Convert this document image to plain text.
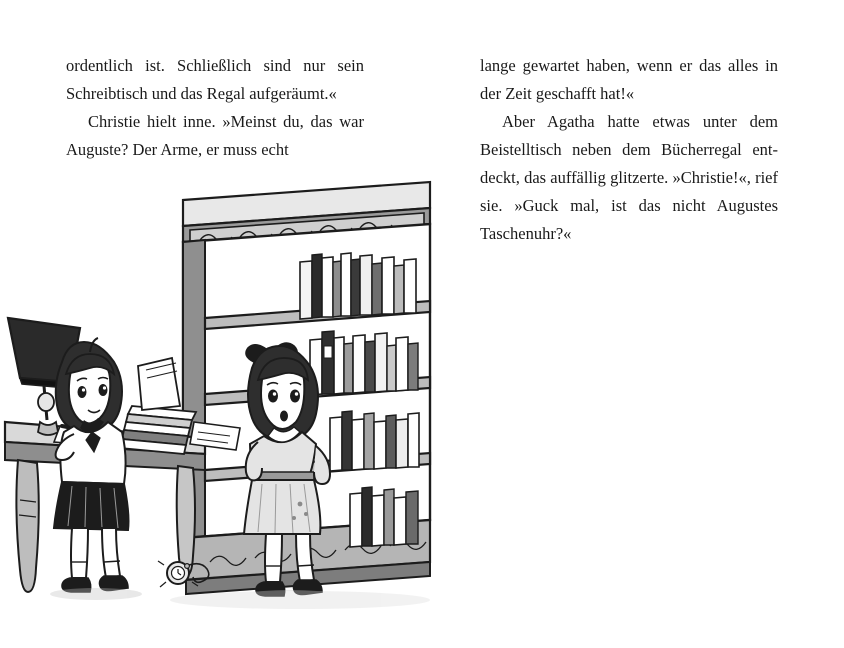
ordentlich ist. Schließlich sind nur sein Schreibtisch und das Regal aufgeräumt.«

Christie hielt inne. »Meinst du, das war Auguste? Der Arme, er muss echt

lange gewartet haben, wenn er das alles in der Zeit geschafft hat!«

Aber Agatha hatte etwas unter dem Beistelltisch neben dem Bücherregal ent-deckt, das auffällig glitzerte. »Christie!«, rief sie. »Guck mal, ist das nicht Augustes Taschenuhr?«
